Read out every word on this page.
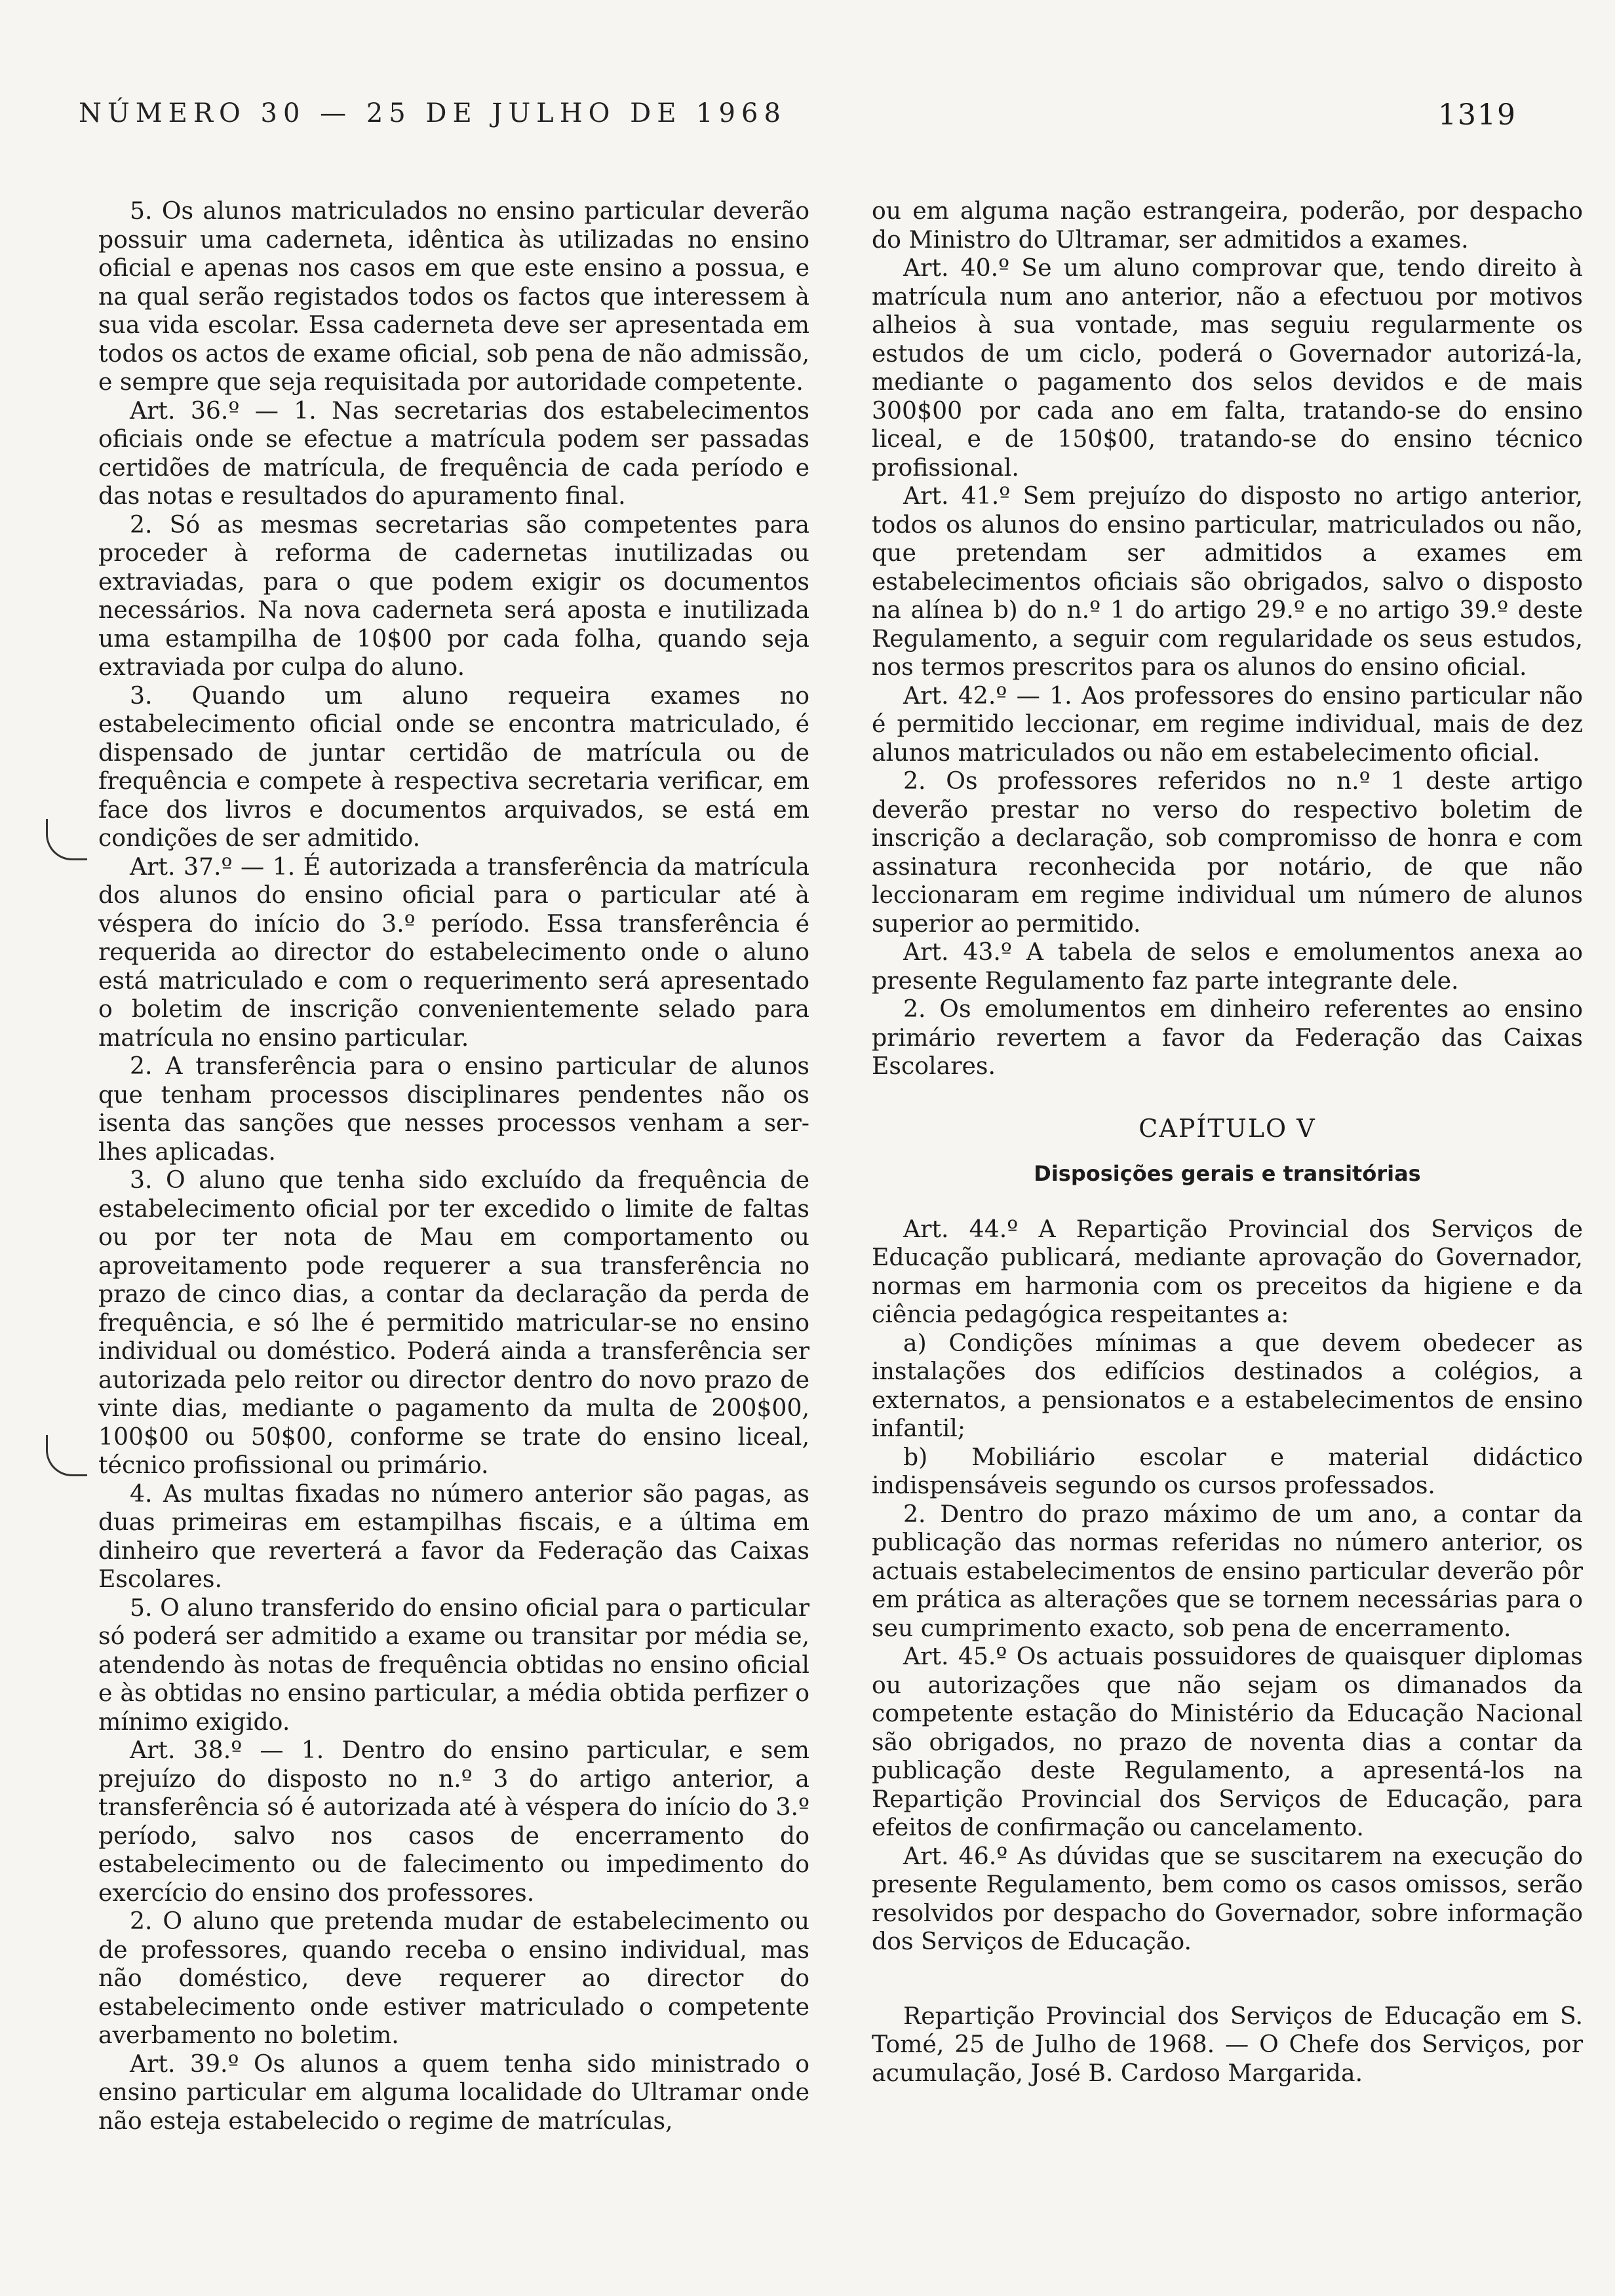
NÚMERO 30 — 25 DE JULHO DE 1968	1319

5. Os alunos matriculados no ensino particular deverão possuir uma caderneta, idêntica às utilizadas no ensino oficial e apenas nos casos em que este ensino a possua, e na qual serão registados todos os factos que interessem à sua vida escolar. Essa caderneta deve ser apresentada em todos os actos de exame oficial, sob pena de não admissão, e sempre que seja requisitada por autoridade competente.

Art. 36.º — 1. Nas secretarias dos estabelecimentos oficiais onde se efectue a matrícula podem ser passadas certidões de matrícula, de frequência de cada período e das notas e resultados do apuramento final.

2. Só as mesmas secretarias são competentes para proceder à reforma de cadernetas inutilizadas ou extraviadas, para o que podem exigir os documentos necessários. Na nova caderneta será aposta e inutilizada uma estampilha de 10$00 por cada folha, quando seja extraviada por culpa do aluno.

3. Quando um aluno requeira exames no estabelecimento oficial onde se encontra matriculado, é dispensado de juntar certidão de matrícula ou de frequência e compete à respectiva secretaria verificar, em face dos livros e documentos arquivados, se está em condições de ser admitido.

Art. 37.º — 1. É autorizada a transferência da matrícula dos alunos do ensino oficial para o particular até à véspera do início do 3.º período. Essa transferência é requerida ao director do estabelecimento onde o aluno está matriculado e com o requerimento será apresentado o boletim de inscrição convenientemente selado para matrícula no ensino particular.

2. A transferência para o ensino particular de alunos que tenham processos disciplinares pendentes não os isenta das sanções que nesses processos venham a ser-lhes aplicadas.

3. O aluno que tenha sido excluído da frequência de estabelecimento oficial por ter excedido o limite de faltas ou por ter nota de Mau em comportamento ou aproveitamento pode requerer a sua transferência no prazo de cinco dias, a contar da declaração da perda de frequência, e só lhe é permitido matricular-se no ensino individual ou doméstico. Poderá ainda a transferência ser autorizada pelo reitor ou director dentro do novo prazo de vinte dias, mediante o pagamento da multa de 200$00, 100$00 ou 50$00, conforme se trate do ensino liceal, técnico profissional ou primário.

4. As multas fixadas no número anterior são pagas, as duas primeiras em estampilhas fiscais, e a última em dinheiro que reverterá a favor da Federação das Caixas Escolares.

5. O aluno transferido do ensino oficial para o particular só poderá ser admitido a exame ou transitar por média se, atendendo às notas de frequência obtidas no ensino oficial e às obtidas no ensino particular, a média obtida perfizer o mínimo exigido.

Art. 38.º — 1. Dentro do ensino particular, e sem prejuízo do disposto no n.º 3 do artigo anterior, a transferência só é autorizada até à véspera do início do 3.º período, salvo nos casos de encerramento do estabelecimento ou de falecimento ou impedimento do exercício do ensino dos professores.

2. O aluno que pretenda mudar de estabelecimento ou de professores, quando receba o ensino individual, mas não doméstico, deve requerer ao director do estabelecimento onde estiver matriculado o competente averbamento no boletim.

Art. 39.º Os alunos a quem tenha sido ministrado o ensino particular em alguma localidade do Ultramar onde não esteja estabelecido o regime de matrículas,

ou em alguma nação estrangeira, poderão, por despacho do Ministro do Ultramar, ser admitidos a exames.

Art. 40.º Se um aluno comprovar que, tendo direito à matrícula num ano anterior, não a efectuou por motivos alheios à sua vontade, mas seguiu regularmente os estudos de um ciclo, poderá o Governador autorizá-la, mediante o pagamento dos selos devidos e de mais 300$00 por cada ano em falta, tratando-se do ensino liceal, e de 150$00, tratando-se do ensino técnico profissional.

Art. 41.º Sem prejuízo do disposto no artigo anterior, todos os alunos do ensino particular, matriculados ou não, que pretendam ser admitidos a exames em estabelecimentos oficiais são obrigados, salvo o disposto na alínea b) do n.º 1 do artigo 29.º e no artigo 39.º deste Regulamento, a seguir com regularidade os seus estudos, nos termos prescritos para os alunos do ensino oficial.

Art. 42.º — 1. Aos professores do ensino particular não é permitido leccionar, em regime individual, mais de dez alunos matriculados ou não em estabelecimento oficial.

2. Os professores referidos no n.º 1 deste artigo deverão prestar no verso do respectivo boletim de inscrição a declaração, sob compromisso de honra e com assinatura reconhecida por notário, de que não leccionaram em regime individual um número de alunos superior ao permitido.

Art. 43.º A tabela de selos e emolumentos anexa ao presente Regulamento faz parte integrante dele.

2. Os emolumentos em dinheiro referentes ao ensino primário revertem a favor da Federação das Caixas Escolares.

CAPÍTULO V
Disposições gerais e transitórias

Art. 44.º A Repartição Provincial dos Serviços de Educação publicará, mediante aprovação do Governador, normas em harmonia com os preceitos da higiene e da ciência pedagógica respeitantes a:

a) Condições mínimas a que devem obedecer as instalações dos edifícios destinados a colégios, a externatos, a pensionatos e a estabelecimentos de ensino infantil;

b) Mobiliário escolar e material didáctico indispensáveis segundo os cursos professados.

2. Dentro do prazo máximo de um ano, a contar da publicação das normas referidas no número anterior, os actuais estabelecimentos de ensino particular deverão pôr em prática as alterações que se tornem necessárias para o seu cumprimento exacto, sob pena de encerramento.

Art. 45.º Os actuais possuidores de quaisquer diplomas ou autorizações que não sejam os dimanados da competente estação do Ministério da Educação Nacional são obrigados, no prazo de noventa dias a contar da publicação deste Regulamento, a apresentá-los na Repartição Provincial dos Serviços de Educação, para efeitos de confirmação ou cancelamento.

Art. 46.º As dúvidas que se suscitarem na execução do presente Regulamento, bem como os casos omissos, serão resolvidos por despacho do Governador, sobre informação dos Serviços de Educação.

Repartição Provincial dos Serviços de Educação em S. Tomé, 25 de Julho de 1968. — O Chefe dos Serviços, por acumulação, José B. Cardoso Margarida.
